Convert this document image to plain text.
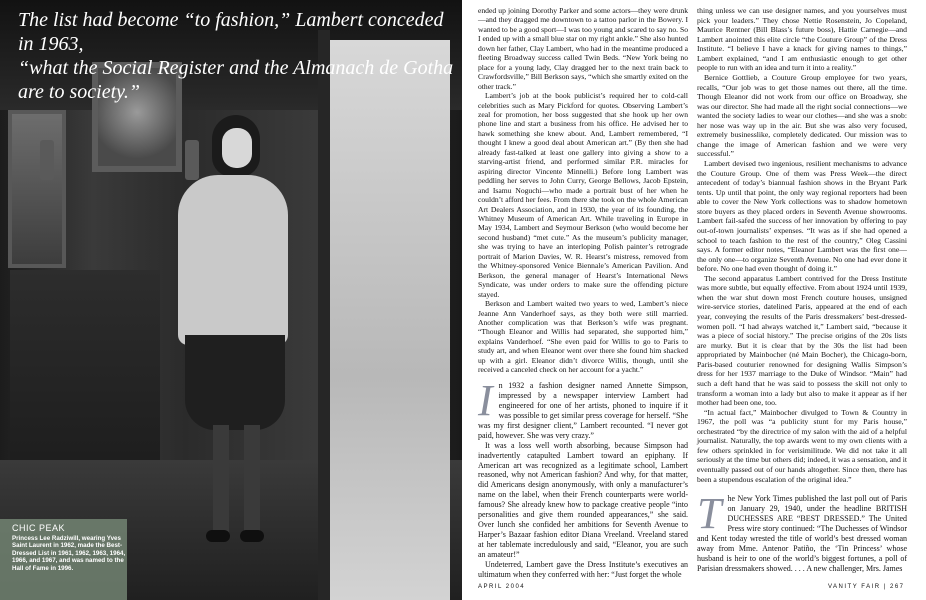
The list had become “to fashion,” Lambert conceded in 1963,
“what the Social Register and the Almanach de Gotha are to society.”
CHIC PEAK
Princess Lee Radziwill, wearing Yves Saint Laurent in 1962, made the Best-Dressed List in 1961, 1962, 1963, 1964, 1966, and 1967, and was named to the Hall of Fame in 1996.

ended up joining Dorothy Parker and some actors—they were drunk—and they dragged me downtown to a tattoo parlor in the Bowery. I wanted to be a good sport—I was too young and scared to say no. So I ended up with a small blue star on my right ankle.” She also hunted down her father, Clay Lambert, who had in the meantime produced a fleeting Broadway success called Twin Beds. “New York being no place for a young lady, Clay dragged her to the next train back to Crawfordsville,” Bill Berkson says, “which she smartly exited on the other track.”

Lambert’s job at the book publicist’s required her to cold-call celebrities such as Mary Pickford for quotes. Observing Lambert’s zeal for promotion, her boss suggested that she hook up her own phone line and start a business from his office. He advised her to hawk something she knew about. And, Lambert remembered, “I thought I knew a good deal about American art.” (By then she had already fast-talked at least one gallery into giving a show to a starving-artist friend, and performed similar P.R. miracles for aspiring director Vincente Minnelli.) Before long Lambert was peddling her serves to John Curry, George Bellows, Jacob Epstein, and Isamu Noguchi—who made a portrait bust of her when he couldn’t afford her fees. From there she took on the whole American Art Dealers Association, and in 1930, the year of its founding, the Whitney Museum of American Art. While traveling in Europe in May 1934, Lambert and Seymour Berkson (who would become her second husband) “met cute.” As the museum’s publicity manager, she was trying to have an interloping Polish painter’s retrograde portrait of Marion Davies, W. R. Hearst’s mistress, removed from the Whitney-sponsored Venice Biennale’s American Pavilion. And Berkson, the general manager of Hearst’s International News Syndicate, was under orders to make sure the offending picture stayed.

Berkson and Lambert waited two years to wed, Lambert’s niece Jeanne Ann Vanderhoef says, as they both were still married. Another complication was that Berkson’s wife was pregnant. “Though Eleanor and Willis had separated, she supported him,” explains Vanderhoef. “She even paid for Willis to go to Paris to study art, and when Eleanor went over there she found him shacked up with a girl. Eleanor didn’t divorce Willis, though, until she received a canceled check on her account for a yacht.”

In 1932 a fashion designer named Annette Simpson, impressed by a newspaper interview Lambert had engineered for one of her artists, phoned to inquire if it was possible to get similar press coverage for herself. “She was my first designer client,” Lambert recounted. “I never got paid, however. She was very crazy.”

It was a loss well worth absorbing, because Simpson had inadvertently catapulted Lambert toward an epiphany. If American art was recognized as a legitimate school, Lambert reasoned, why not American fashion? And why, for that matter, did Americans design anonymously, with only a manufacturer’s name on the label, when their French counterparts were world-famous? She already knew how to package creative people “into personalities and give them rounded appearances,” she said. Over lunch she confided her ambitions for Seventh Avenue to Harper’s Bazaar fashion editor Diana Vreeland. Vreeland stared at her tablemate incredulously and said, “Eleanor, you are such an amateur!”

Undeterred, Lambert gave the Dress Institute’s executives an ultimatum when they conferred with her: “Just forget the whole

thing unless we can use designer names, and you yourselves must pick your leaders.” They chose Nettie Rosenstein, Jo Copeland, Maurice Rentner (Bill Blass’s future boss), Hattie Carnegie—and Lambert anointed this elite circle “the Couture Group” of the Dress Institute. “I believe I have a knack for giving names to things,” Lambert explained, “and I am enthusiastic enough to get other people to run with an idea and turn it into a reality.”

Bernice Gottlieb, a Couture Group employee for two years, recalls, “Our job was to get those names out there, all the time. Though Eleanor did not work from our office on Broadway, she was our director. She had made all the right social connections—we wanted the society ladies to wear our clothes—and she was a snob: her nose was way up in the air. But she was also very focused, extremely businesslike, completely dedicated. Our mission was to change the image of American fashion and we were very successful.”

Lambert devised two ingenious, resilient mechanisms to advance the Couture Group. One of them was Press Week—the direct antecedent of today’s biannual fashion shows in the Bryant Park tents. Up until that point, the only way regional reporters had been able to cover the New York collections was to shadow hometown store buyers as they placed orders in Seventh Avenue showrooms. Lambert fail-safed the success of her innovation by offering to pay out-of-town journalists’ expenses. “It was as if she had opened a school to teach fashion to the rest of the country,” Oleg Cassini says. A former editor notes, “Eleanor Lambert was the first one—the only one—to organize Seventh Avenue. No one had ever done it before. No one had even thought of doing it.”

The second apparatus Lambert contrived for the Dress Institute was more subtle, but equally effective. From about 1924 until 1939, when the war shut down most French couture houses, unsigned wire-service stories, datelined Paris, appeared at the end of each year, conveying the results of the Paris dressmakers’ best-dressed-women poll. “I had always watched it,” Lambert said, “because it was a piece of social history.” The precise origins of the 20s lists are murky. But it is clear that by the 30s the list had been appropriated by Mainbocher (né Main Bocher), the Chicago-born, Paris-based couturier renowned for designing Wallis Simpson’s dress for her 1937 marriage to the Duke of Windsor. “Main” had such a deft hand that he was said to possess the skill not only to transform a woman into a lady but also to make it appear as if her mother had been one, too.

“In actual fact,” Mainbocher divulged to Town & Country in 1967, the poll was “a publicity stunt for my Paris house,” orchestrated “by the directrice of my salon with the aid of a helpful journalist. Naturally, the top awards went to my own clients with a few others sprinkled in for verisimilitude. We did not take it all seriously at the time but others did; indeed, it was a sensation, and it eventually passed out of our hands altogether. Since then, there has been a stupendous escalation of the original idea.”

The New York Times published the last poll out of Paris on January 29, 1940, under the headline BRITISH DUCHESSES ARE “BEST DRESSED.” The United Press wire story continued: “The Duchesses of Windsor and Kent today wrested the title of world’s best dressed woman away from Mme. Antenor Patiño, the ‘Tin Princess’ whose husband is heir to one of the world’s biggest fortunes, a poll of Parisian dressmakers showed. . . . A new challenger, Mrs. James

APRIL 2004	VANITY FAIR | 267
